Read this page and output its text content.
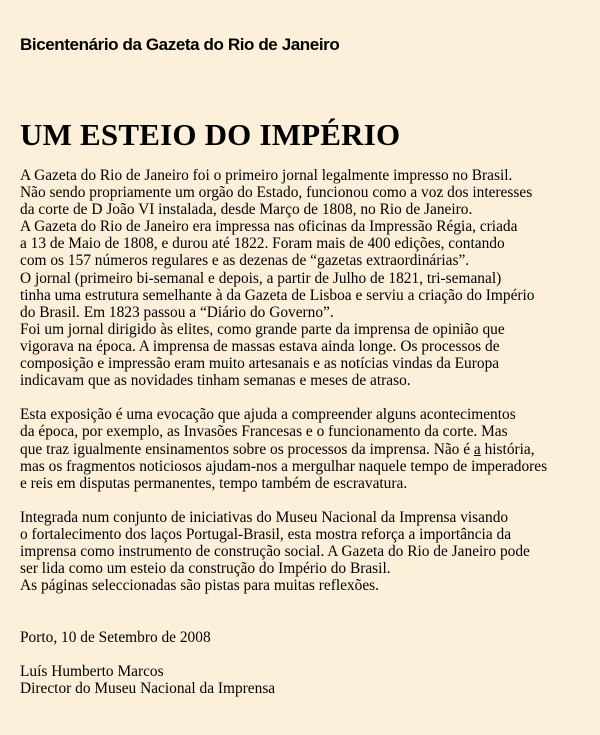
Bicentenário da Gazeta do Rio de Janeiro
UM ESTEIO DO IMPÉRIO
A Gazeta do Rio de Janeiro foi o primeiro jornal legalmente impresso no Brasil.
Não sendo propriamente um orgão do Estado, funcionou como a voz dos interesses
da corte de D João VI instalada, desde Março de 1808, no Rio de Janeiro.
A Gazeta do Rio de Janeiro era impressa nas oficinas da Impressão Régia, criada
a 13 de Maio de 1808, e durou até 1822. Foram mais de 400 edições, contando
com os 157 números regulares e as dezenas de “gazetas extraordinárias”.
O jornal (primeiro bi-semanal e depois, a partir de Julho de 1821, tri-semanal)
tinha uma estrutura semelhante à da Gazeta de Lisboa e serviu a criação do Império
do Brasil. Em 1823 passou a “Diário do Governo”.
Foi um jornal dirigido às elites, como grande parte da imprensa de opinião que
vigorava na época. A imprensa de massas estava ainda longe. Os processos de
composição e impressão eram muito artesanais e as notícias vindas da Europa
indicavam que as novidades tinham semanas e meses de atraso.
Esta exposição é uma evocação que ajuda a compreender alguns acontecimentos
da época, por exemplo, as Invasões Francesas e o funcionamento da corte. Mas
que traz igualmente ensinamentos sobre os processos da imprensa. Não é a história,
mas os fragmentos noticiosos ajudam-nos a mergulhar naquele tempo de imperadores
e reis em disputas permanentes, tempo também de escravatura.
Integrada num conjunto de iniciativas do Museu Nacional da Imprensa visando
o fortalecimento dos laços Portugal-Brasil, esta mostra reforça a importância da
imprensa como instrumento de construção social. A Gazeta do Rio de Janeiro pode
ser lida como um esteio da construção do Império do Brasil.
As páginas seleccionadas são pistas para muitas reflexões.
Porto, 10 de Setembro de 2008
Luís Humberto Marcos
Director do Museu Nacional da Imprensa
